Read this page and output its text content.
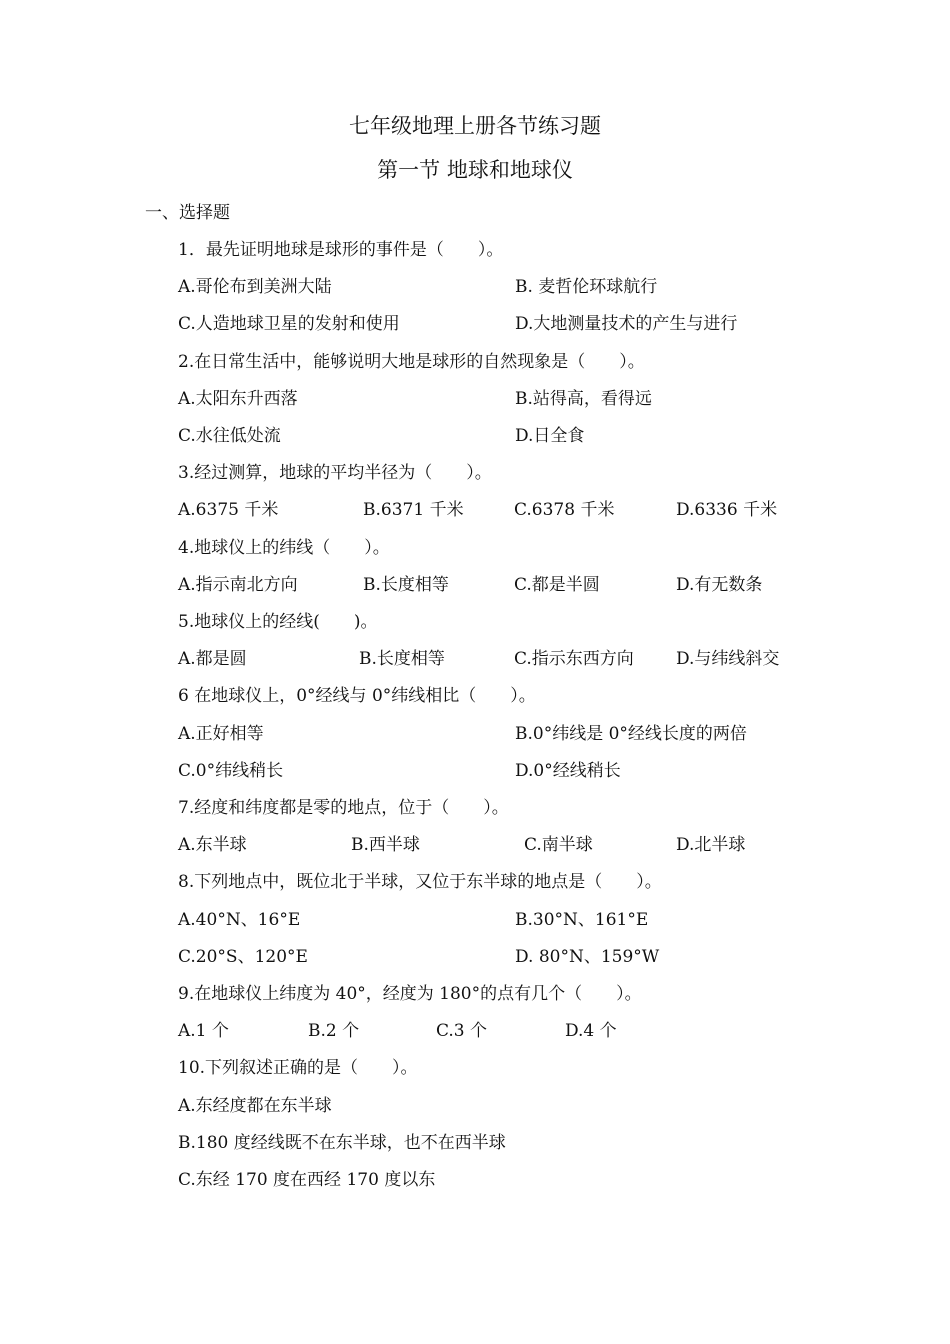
七年级地理上册各节练习题
第一节 地球和地球仪
一、选择题
1．最先证明地球是球形的事件是（　　）。
A.哥伦布到美洲大陆	B. 麦哲伦环球航行
C.人造地球卫星的发射和使用	D.大地测量技术的产生与进行
2.在日常生活中，能够说明大地是球形的自然现象是（　　）。
A.太阳东升西落	B.站得高，看得远
C.水往低处流	D.日全食
3.经过测算，地球的平均半径为（　　）。
A.6375 千米	B.6371 千米	C.6378 千米	D.6336 千米
4.地球仪上的纬线（　　）。
A.指示南北方向	B.长度相等	C.都是半圆	D.有无数条
5.地球仪上的经线(　　)。
A.都是圆	B.长度相等	C.指示东西方向 D.与纬线斜交
6 在地球仪上，0°经线与 0°纬线相比（　　）。
A.正好相等	B.0°纬线是 0°经线长度的两倍
C.0°纬线稍长	D.0°经线稍长
7.经度和纬度都是零的地点，位于（　　）。
A.东半球	B.西半球	C.南半球	D.北半球
8.下列地点中，既位北于半球，又位于东半球的地点是（　　）。
A.40°N、16°E	B.30°N、161°E
C.20°S、120°E	D. 80°N、159°W
9.在地球仪上纬度为 40°，经度为 180°的点有几个（　　）。
A.1 个	B.2 个	C.3 个	D.4 个
10.下列叙述正确的是（　　）。
A.东经度都在东半球
B.180 度经线既不在东半球，也不在西半球
C.东经 170 度在西经 170 度以东
